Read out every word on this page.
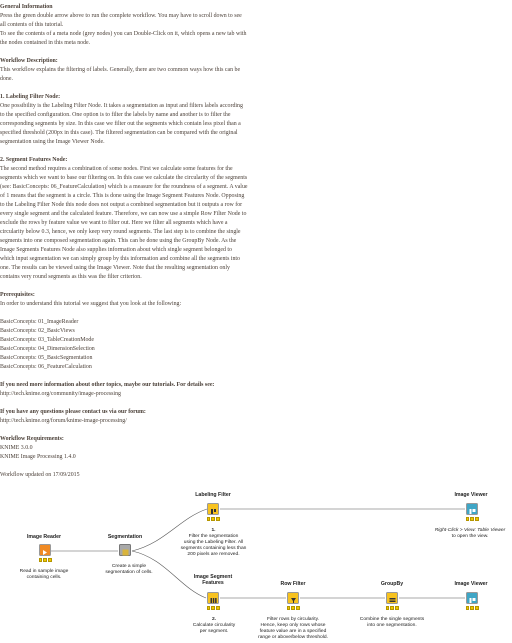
General Information

Press the green double arrow above to run the complete workflow. You may have to scroll down to see

all contents of this tutorial.

To see the contents of a meta node (grey nodes) you can Double-Click on it, which opens a new tab with

the nodes contained in this meta node.

Workflow Description:

This workflow explains the filtering of labels. Generally, there are two common ways how this can be

done.

1. Labeling Filter Node:

One possibility is the Labeling Filter Node. It takes a segmentation as input and filters labels according

to the specified configuration. One option is to filter the labels by name and another is to filter the

corresponding segments by size. In this case we filter out the segments which contain less pixel than a

specified threshold (200px in this case). The filtered segmentation can be compared with the original

segmentation using the Image Viewer Node.

2. Segment Features Node:

The second method requires a combination of some nodes. First we calculate some features for the

segments which we want to base our filtering on. In this case we calculate the circularity of the segments

(see: BasicConcepts: 06_FeatureCalculation) which is a measure for the roundness of a segment. A value

of 1 means that the segment is a circle. This is done using the Image Segment Features Node. Opposing

to the Labeling Filter Node this node does not output a combined segmentation but it outputs a row for

every single segment and the calculated feature. Therefore, we can now use a simple Row Filter Node to

exclude the rows by feature value we want to filter out. Here we filter all segments which have a

circularity below 0.3, hence, we only keep very round segments. The last step is to combine the single

segments into one composed segmentation again. This can be done using the GroupBy Node. As the

Image Segments Features Node also supplies information about which single segment belonged to

which input segmentation we can simply group by this information and combine all the segments into

one. The results can be viewed using the Image Viewer. Note that the resulting segmentation only

contains very round segments as this was the filter criterion.

Prerequisites:

In order to understand this tutorial we suggest that you look at the following:

BasicConcepts: 01_ImageReader

BasicConcepts: 02_BasicViews

BasicConcepts: 03_TableCreationMode

BasicConcepts: 04_DimensionSelection

BasicConcepts: 05_BasicSegmentation

BasicConcepts: 06_FeatureCalculation

If you need more information about other topics, maybe our tutorials. For details see:

http://tech.knime.org/community/image-processing

If you have any questions please contact us via our forum:

http://tech.knime.org/forum/knime-image-processing/

Workflow Requirements:

KNIME 3.0.0

KNIME Image Processing 1.4.0

Workflow updated on 17/09/2015

Image Reader
Read in sample image
containing cells.
Segmentation
Create a simple
segmentation of cells.
Labeling Filter
1.
Filter the segmentation
using the Labeling Filter. All
segments containing less than
200 pixels are removed.
Image Viewer
Right-Click > View: Table Viewer
to open the view.
Image Segment
Features
2.
Calculate circularity
per segment.
Row Filter
Filter rows by circularity.
Hence, keep only rows whose
feature value are in a specified
range or above/below threshold.
GroupBy
Combine the single segments
into one segmentation.
Image Viewer
